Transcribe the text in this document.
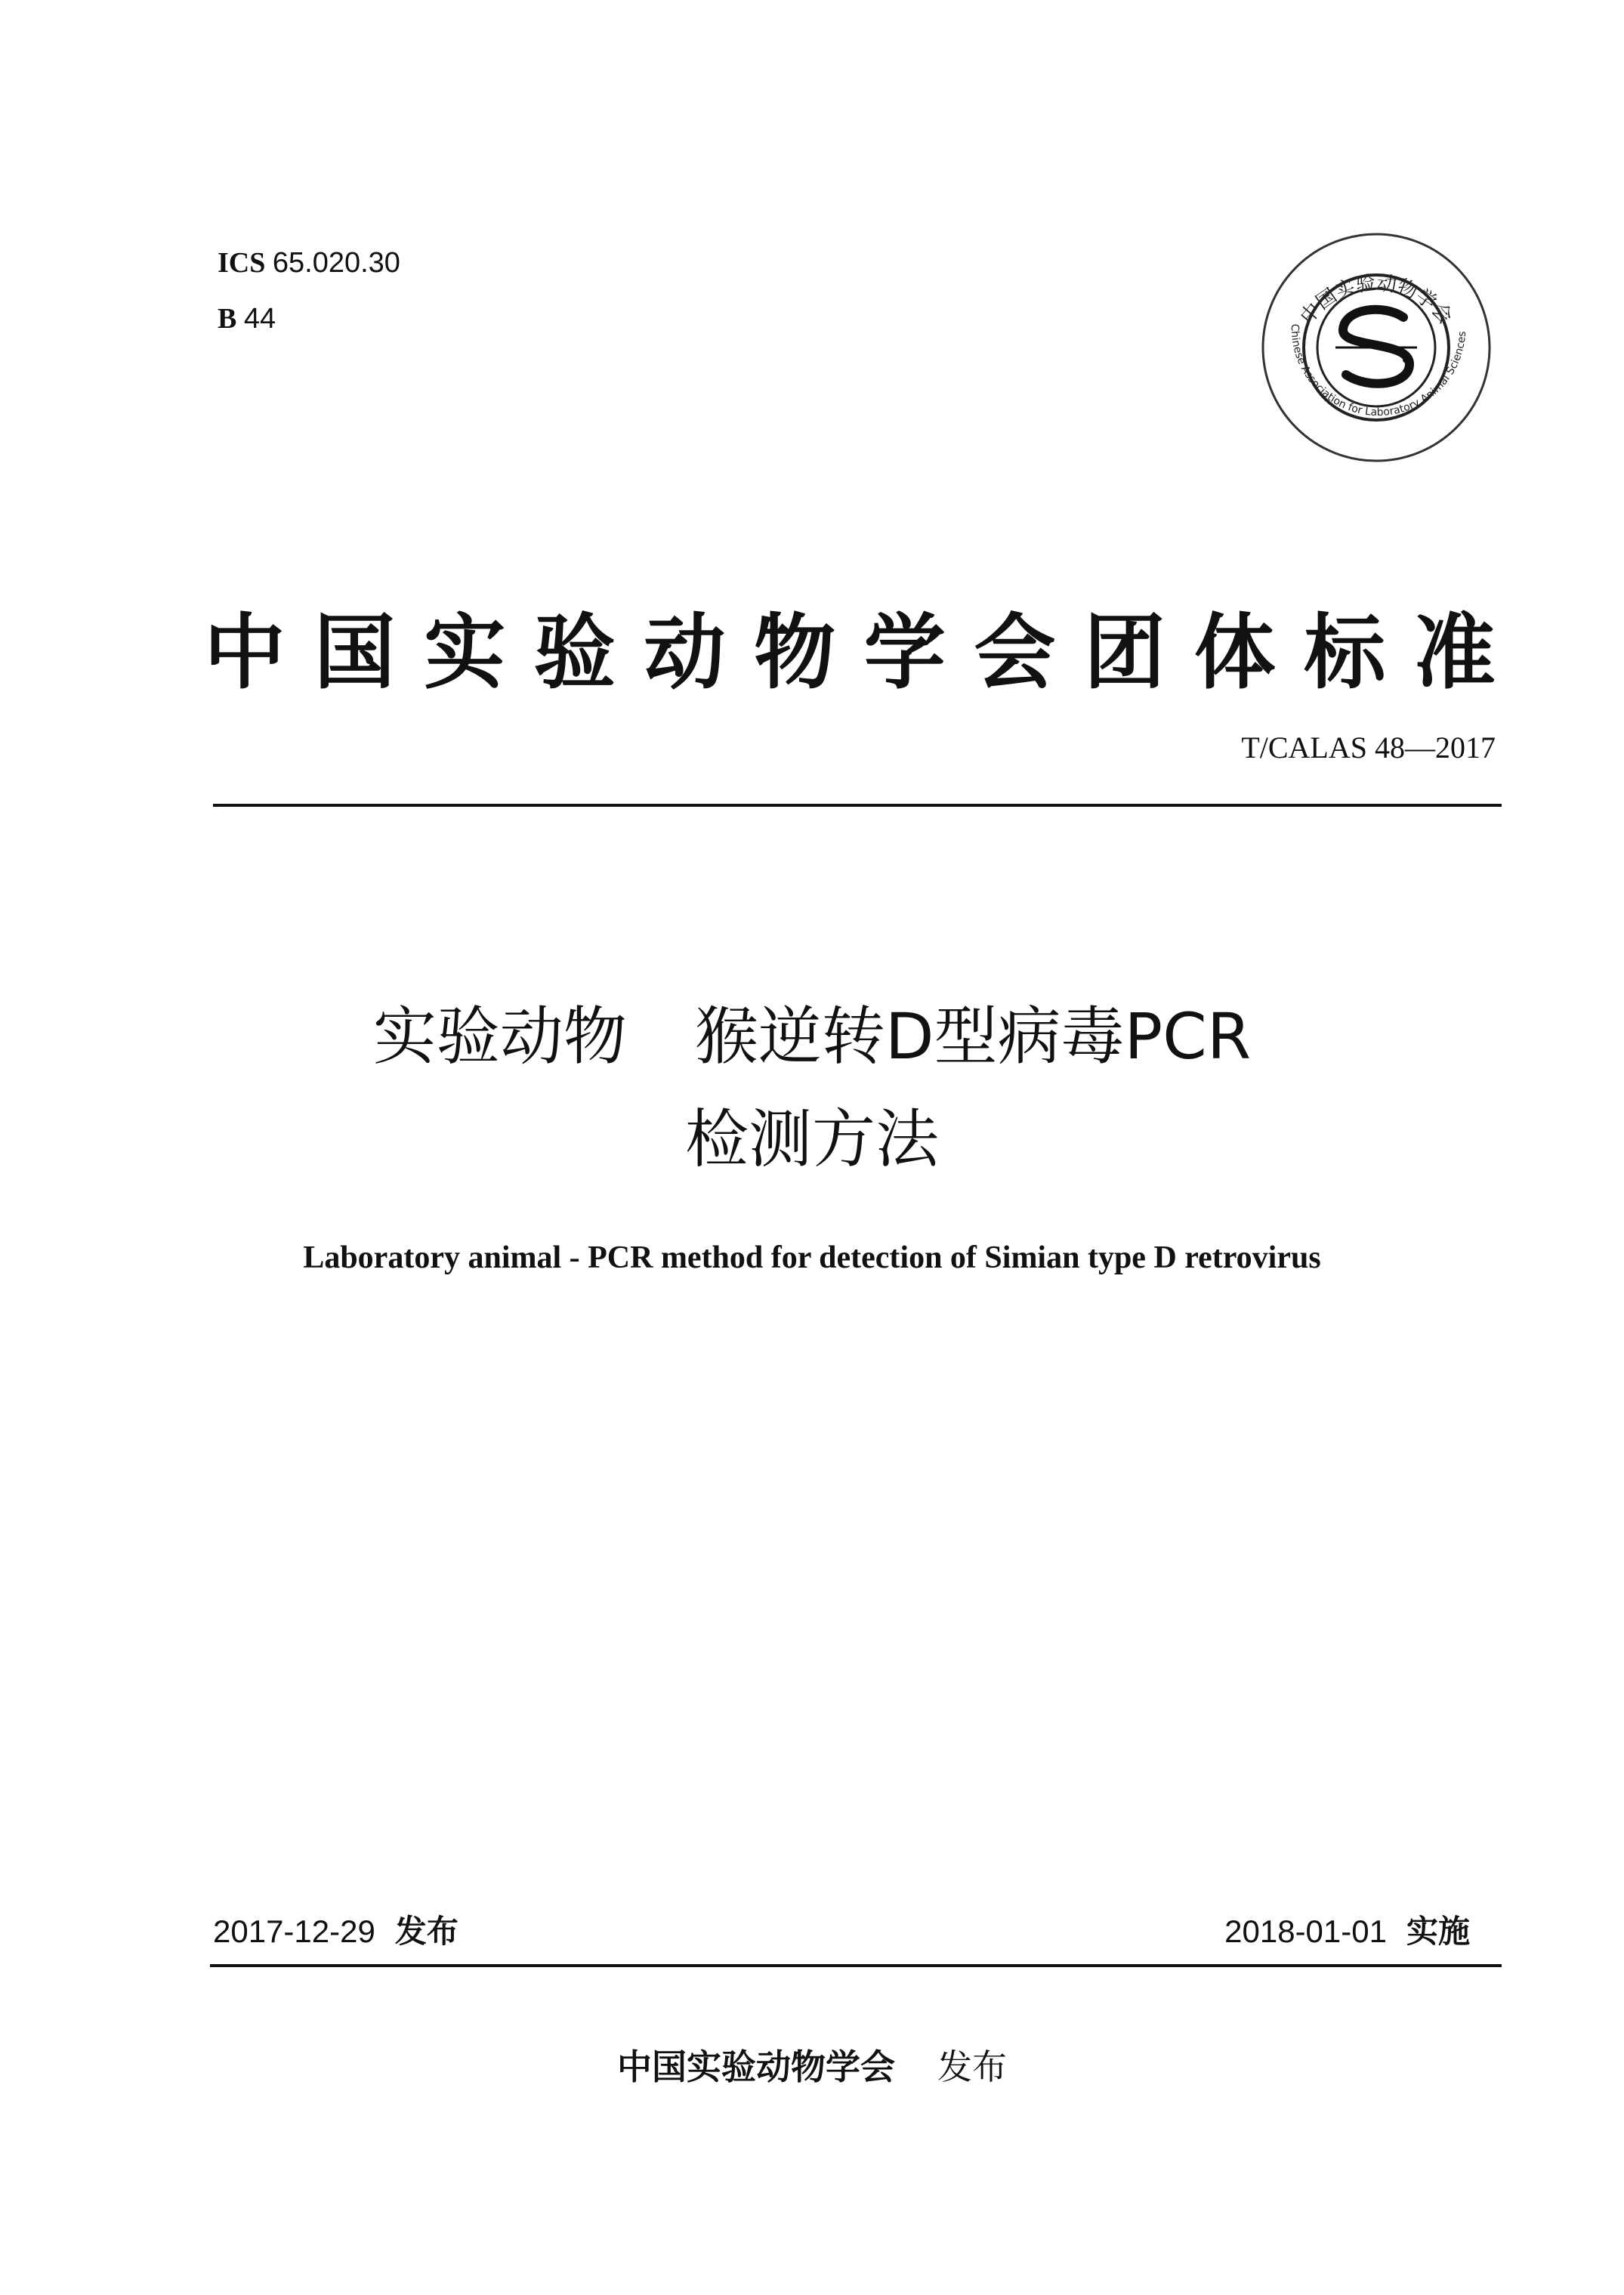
ICS 65.020.30
B 44	中国实验动物学会
Chinese Association for Laboratory Animal Sciences
中 国 实 验 动 物 学 会 团 体 标 准
T/CALAS 48—2017
实验动物 猴逆转D型病毒PCR
检测方法
Laboratory animal - PCR method for detection of Simian type D retrovirus
2017-12-29 发布	2018-01-01 实施
中国实验动物学会 发布
